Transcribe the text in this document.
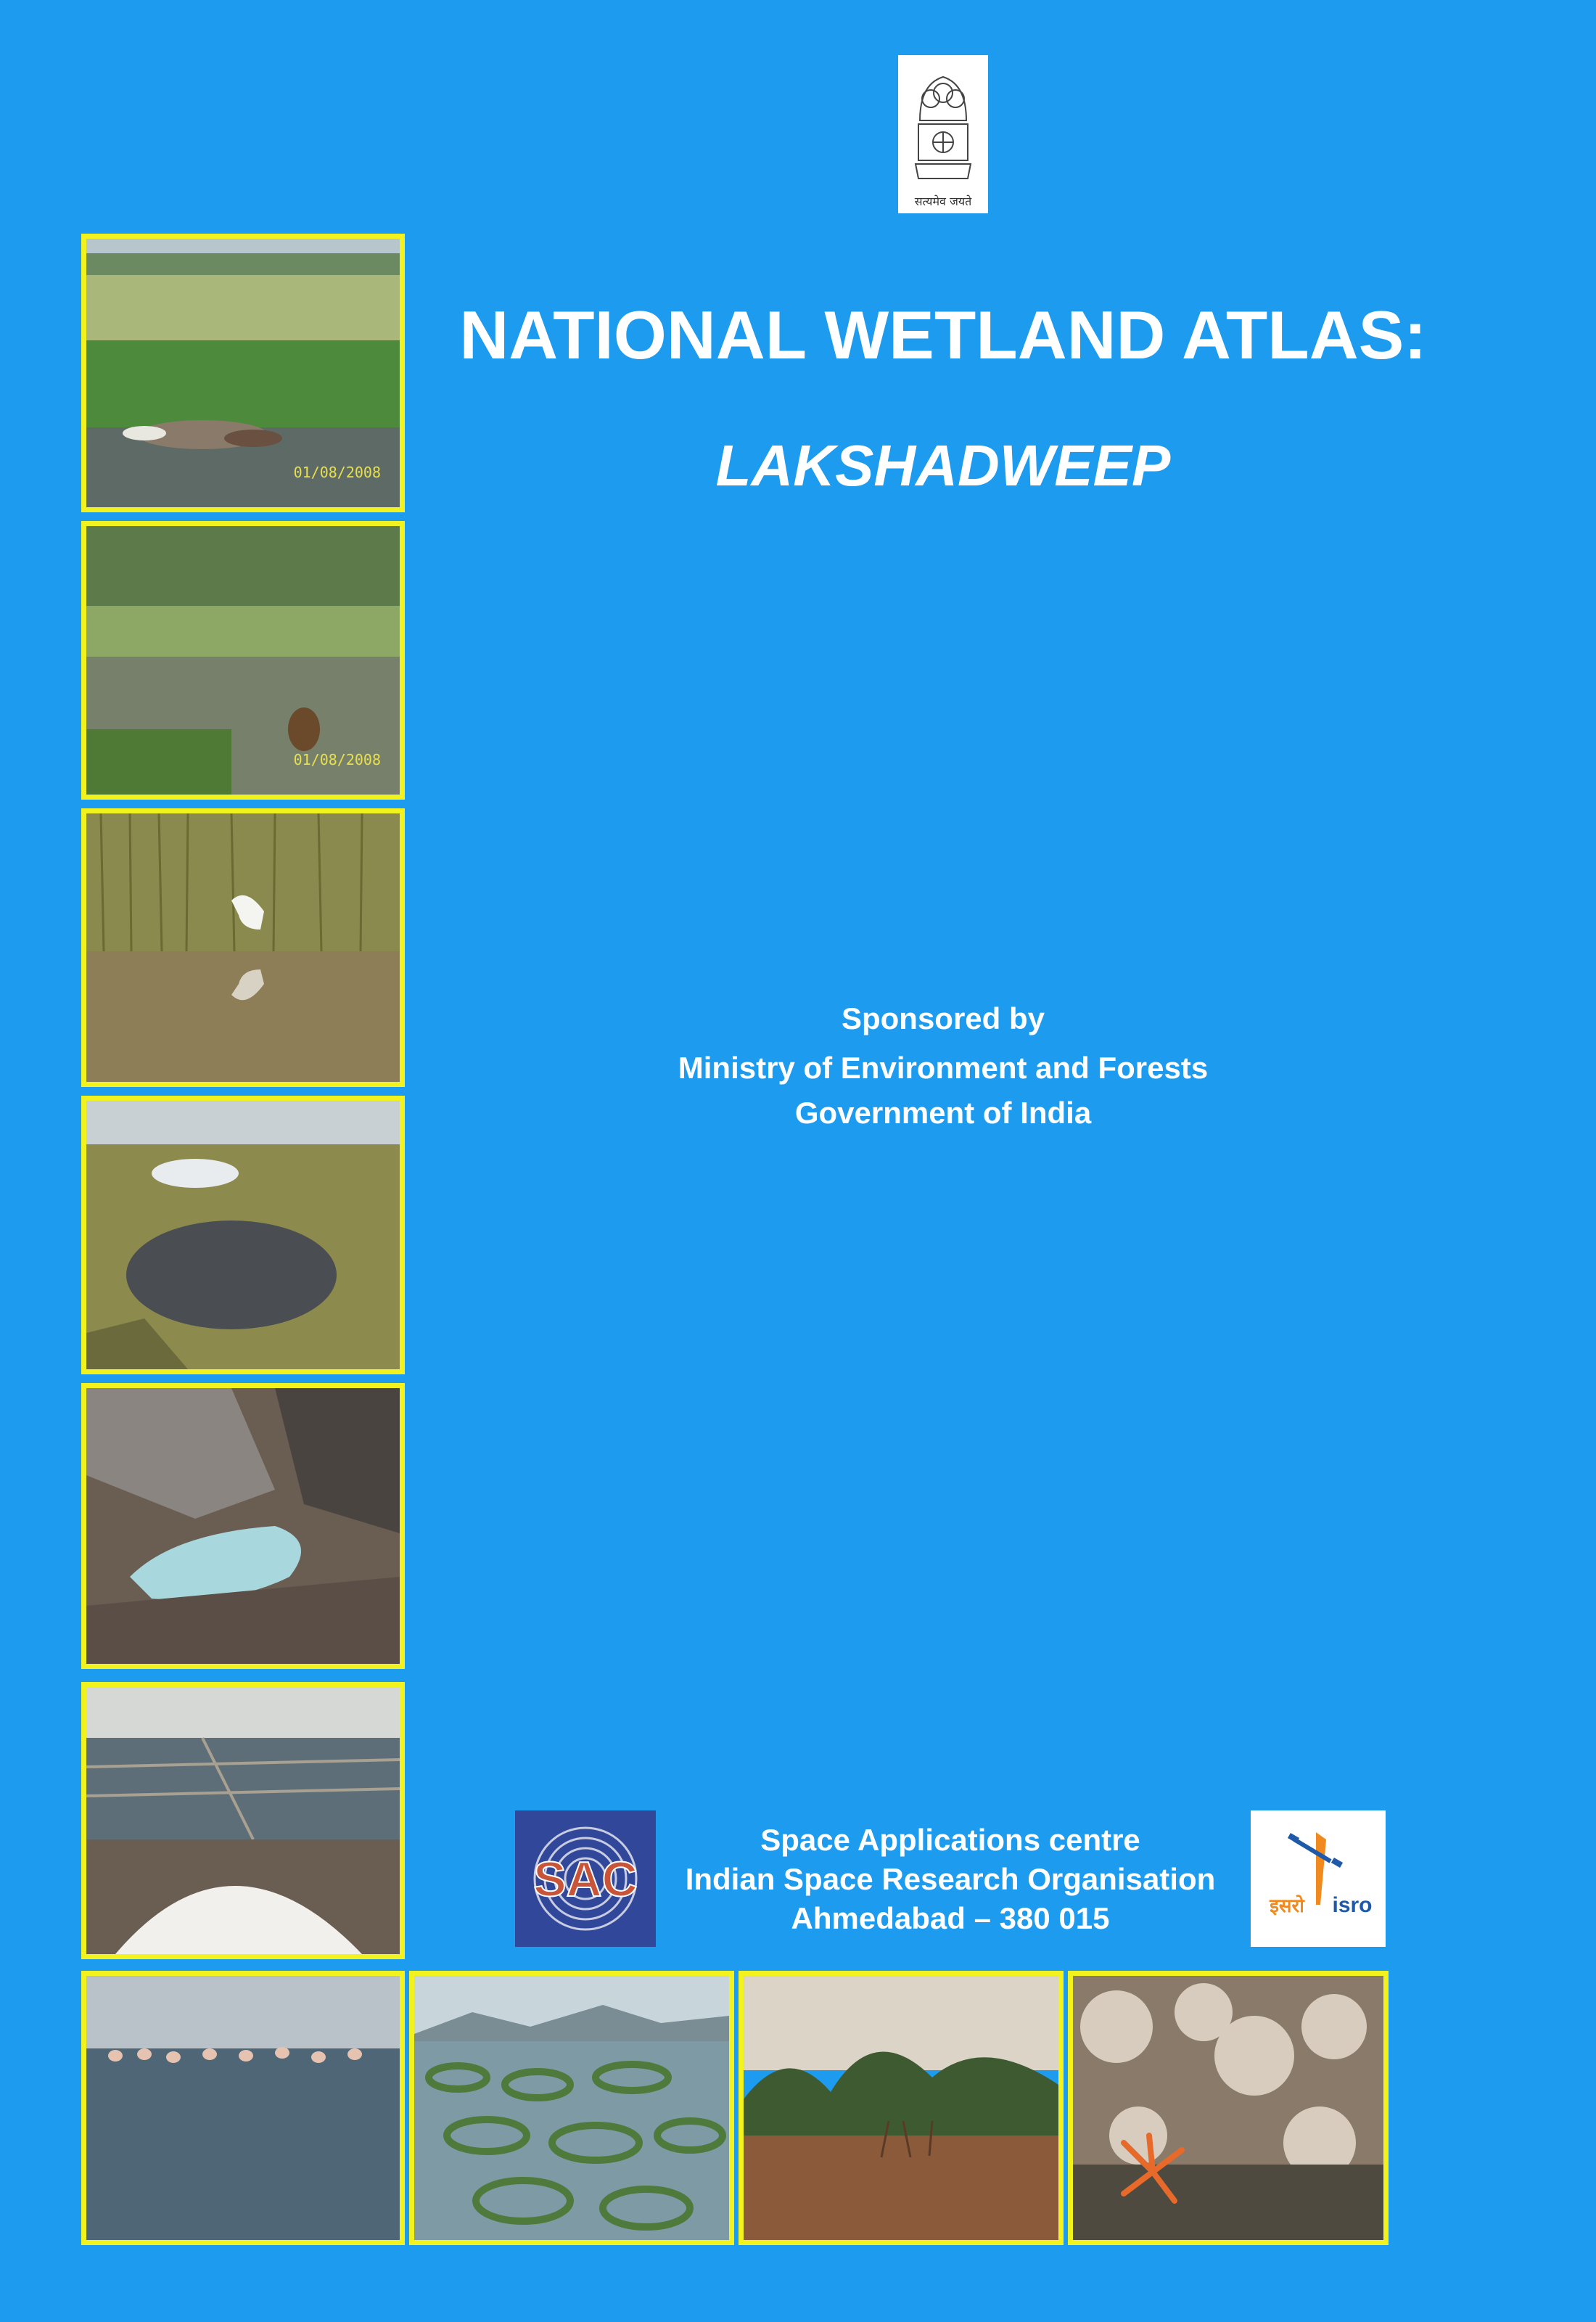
सत्यमेव जयते
01/08/2008
01/08/2008
NATIONAL WETLAND ATLAS:
LAKSHADWEEP
Sponsored by
Ministry of Environment and Forests
Government of India
SAC	इसरो isro
Space Applications centre
Indian Space Research Organisation
Ahmedabad – 380 015
